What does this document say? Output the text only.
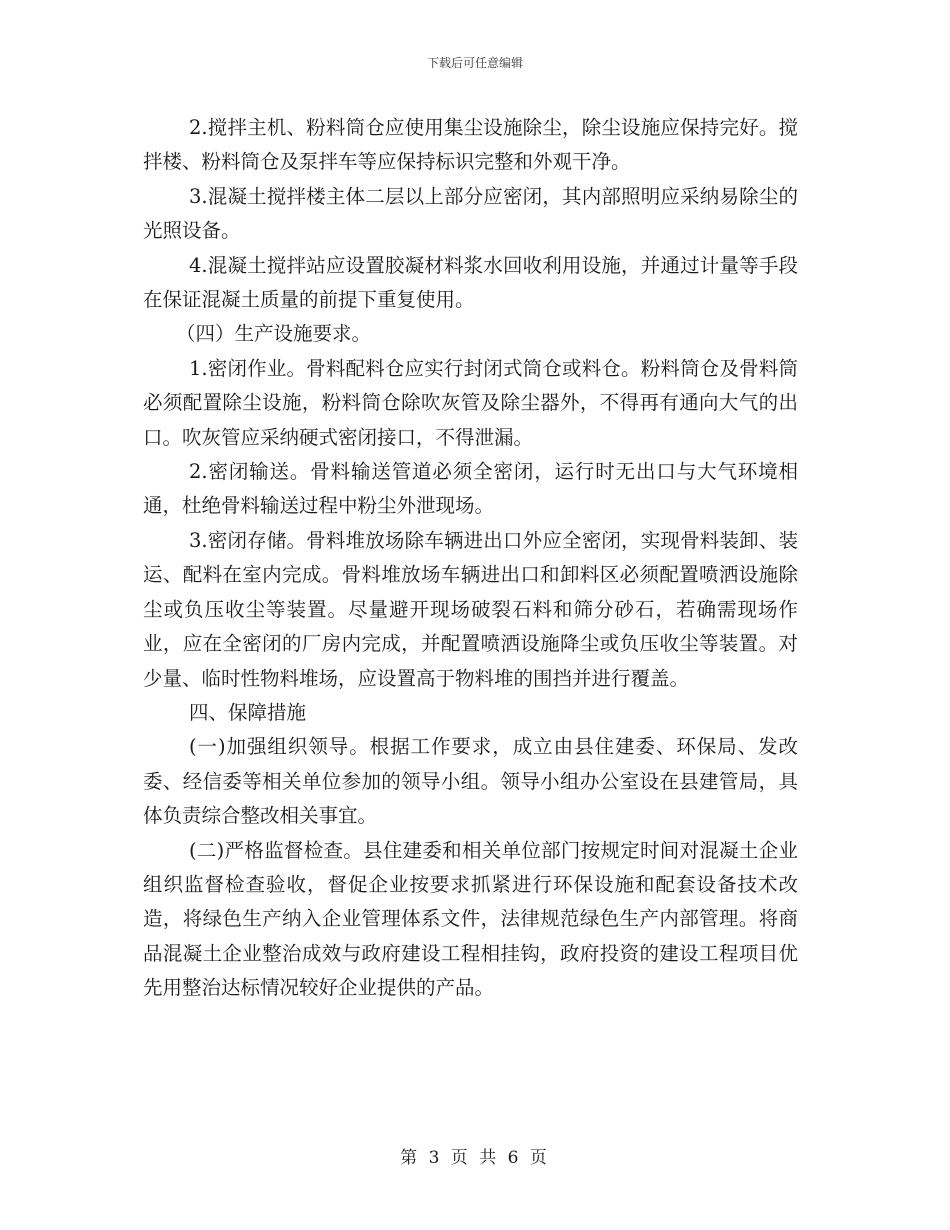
下载后可任意编辑

2.搅拌主机、粉料筒仓应使用集尘设施除尘，除尘设施应保持完好。搅拌楼、粉料筒仓及泵拌车等应保持标识完整和外观干净。

3.混凝土搅拌楼主体二层以上部分应密闭，其内部照明应采纳易除尘的光照设备。

4.混凝土搅拌站应设置胶凝材料浆水回收利用设施，并通过计量等手段在保证混凝土质量的前提下重复使用。

（四）生产设施要求。

1.密闭作业。骨料配料仓应实行封闭式筒仓或料仓。粉料筒仓及骨料筒必须配置除尘设施，粉料筒仓除吹灰管及除尘器外，不得再有通向大气的出口。吹灰管应采纳硬式密闭接口，不得泄漏。

2.密闭输送。骨料输送管道必须全密闭，运行时无出口与大气环境相通，杜绝骨料输送过程中粉尘外泄现场。

3.密闭存储。骨料堆放场除车辆进出口外应全密闭，实现骨料装卸、装运、配料在室内完成。骨料堆放场车辆进出口和卸料区必须配置喷洒设施除尘或负压收尘等装置。尽量避开现场破裂石料和筛分砂石，若确需现场作业，应在全密闭的厂房内完成，并配置喷洒设施降尘或负压收尘等装置。对少量、临时性物料堆场，应设置高于物料堆的围挡并进行覆盖。

四、保障措施

(一)加强组织领导。根据工作要求，成立由县住建委、环保局、发改委、经信委等相关单位参加的领导小组。领导小组办公室设在县建管局，具体负责综合整改相关事宜。

(二)严格监督检查。县住建委和相关单位部门按规定时间对混凝土企业组织监督检查验收，督促企业按要求抓紧进行环保设施和配套设备技术改造，将绿色生产纳入企业管理体系文件，法律规范绿色生产内部管理。将商品混凝土企业整治成效与政府建设工程相挂钩，政府投资的建设工程项目优先用整治达标情况较好企业提供的产品。

第 3 页 共 6 页
